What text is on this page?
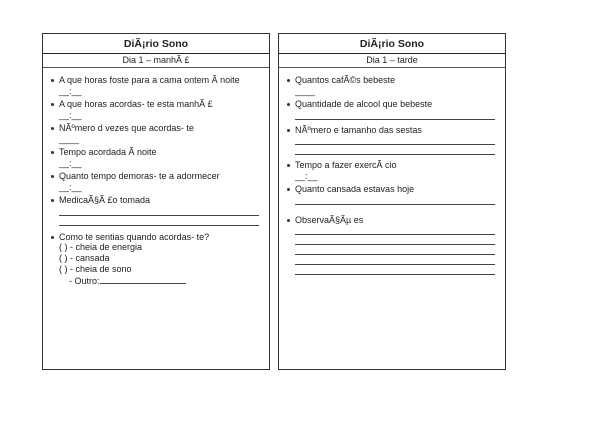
DiÃ¡rio Sono
Dia 1 – manhÃ £
A que horas foste para a cama ontem Ã noite
__:__
A que horas acordas- te esta manhÃ £
__:__
NÃºmero d vezes que acordas- te
____
Tempo acordada Ã noite
__:__
Quanto tempo demoras- te a adormecer
__:__
MedicaÃ§Ã £o tomada
Como te sentias quando acordas- te?
( ) - cheia de energia
( ) - cansada
( ) - cheia de sono
- Outro:
DiÃ¡rio Sono
Dia 1 – tarde
Quantos cafÃ©s bebeste
____
Quantidade de alcool que bebeste
NÃºmero e tamanho das sestas
Tempo a fazer exercÃ cio
__:__
Quanto cansada estavas hoje
ObservaÃ§Ãµ es
